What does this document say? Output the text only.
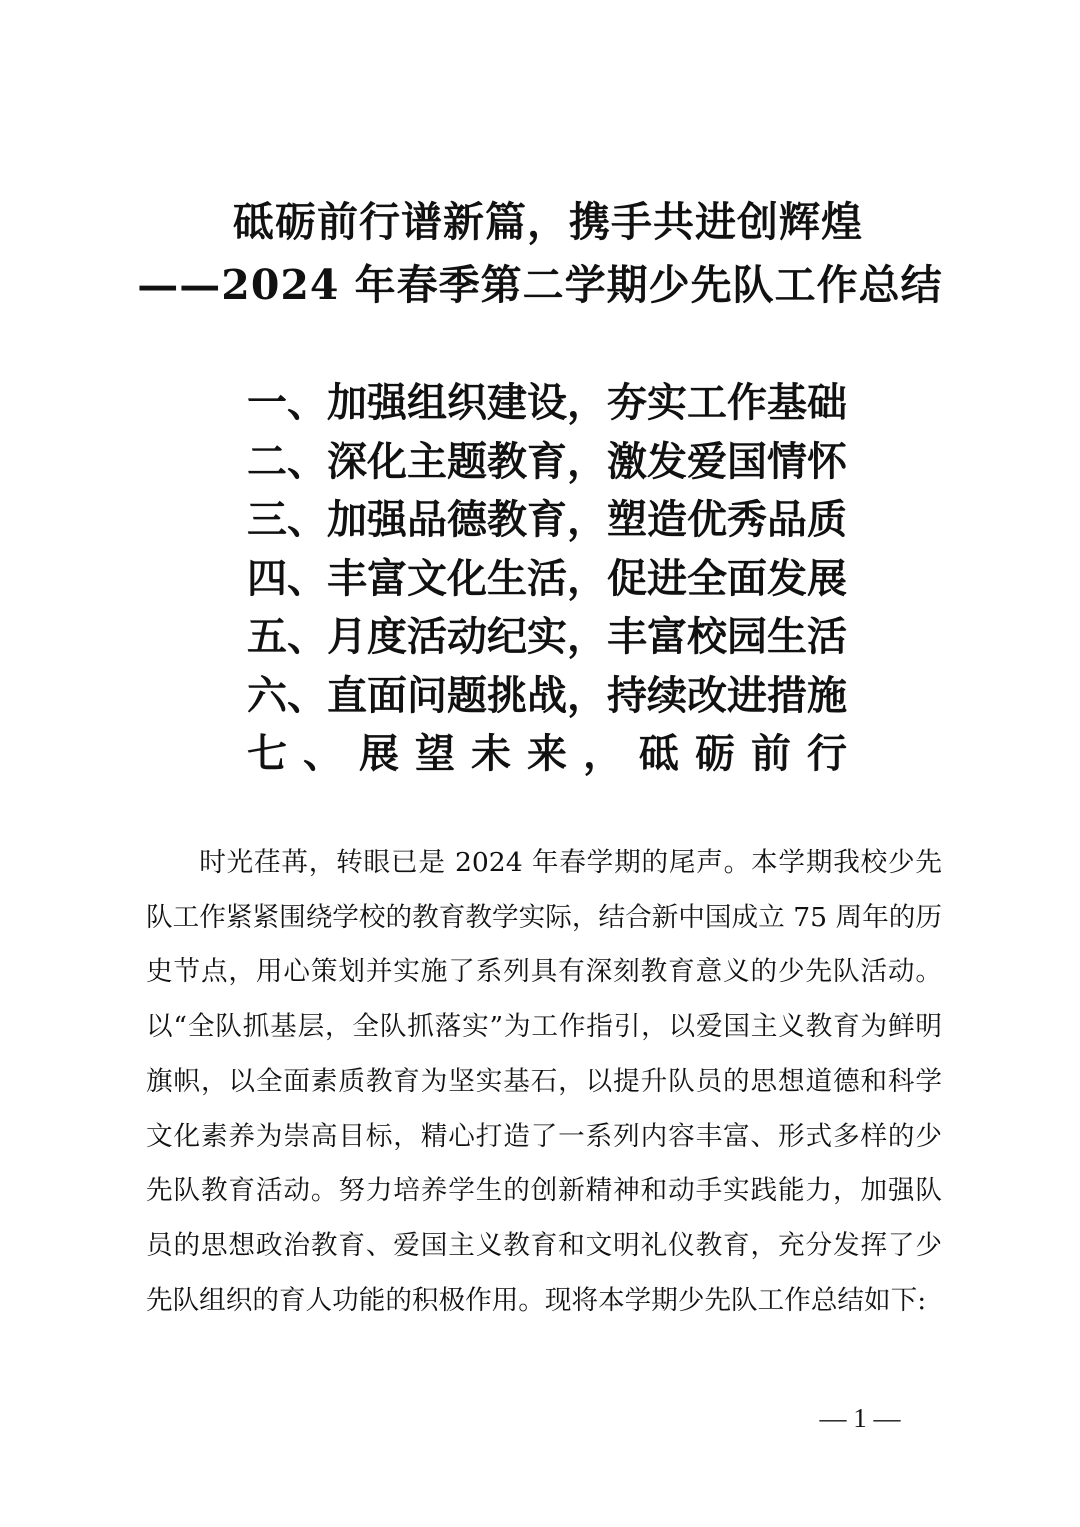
砥砺前行谱新篇，携手共进创辉煌
——2024 年春季第二学期少先队工作总结
一、加强组织建设，夯实工作基础
二、深化主题教育，激发爱国情怀
三、加强品德教育，塑造优秀品质
四、丰富文化生活，促进全面发展
五、月度活动纪实，丰富校园生活
六、直面问题挑战，持续改进措施
七、展望未来，砥砺前行

时光荏苒，转眼已是 2024 年春学期的尾声。本学期我校少先队工作紧紧围绕学校的教育教学实际，结合新中国成立 75 周年的历史节点，用心策划并实施了系列具有深刻教育意义的少先队活动。以“全队抓基层，全队抓落实”为工作指引，以爱国主义教育为鲜明旗帜，以全面素质教育为坚实基石，以提升队员的思想道德和科学文化素养为崇高目标，精心打造了一系列内容丰富、形式多样的少先队教育活动。努力培养学生的创新精神和动手实践能力，加强队员的思想政治教育、爱国主义教育和文明礼仪教育，充分发挥了少先队组织的育人功能的积极作用。现将本学期少先队工作总结如下:

— 1 —
